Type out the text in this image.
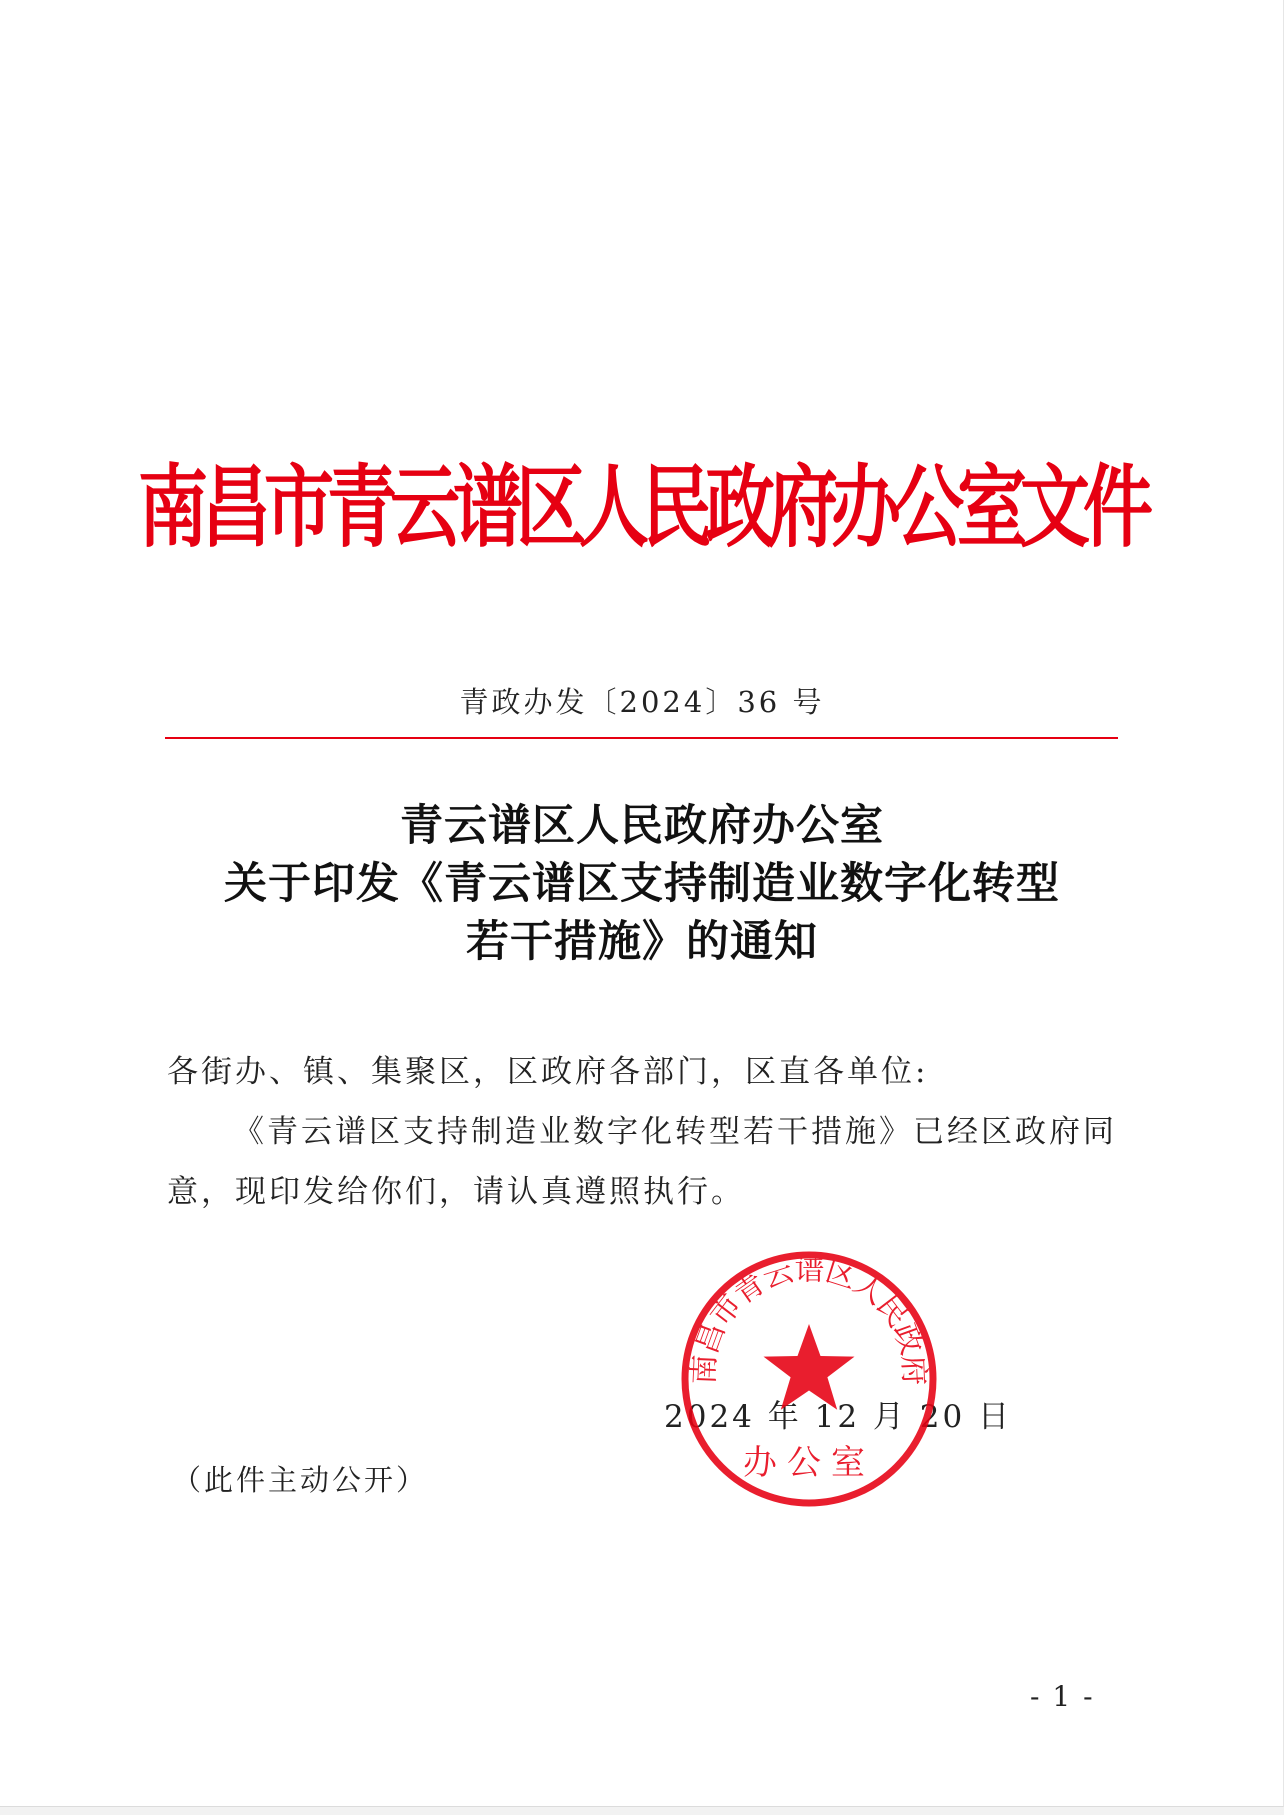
南昌市青云谱区人民政府办公室文件
青政办发〔2024〕36 号
青云谱区人民政府办公室
关于印发《青云谱区支持制造业数字化转型
若干措施》的通知
各街办、镇、集聚区，区政府各部门，区直各单位:
《青云谱区支持制造业数字化转型若干措施》已经区政府同意，现印发给你们，请认真遵照执行。
2024 年 12 月 20 日
南昌市青云谱区人民政府
办公室
（此件主动公开）
- 1 -
